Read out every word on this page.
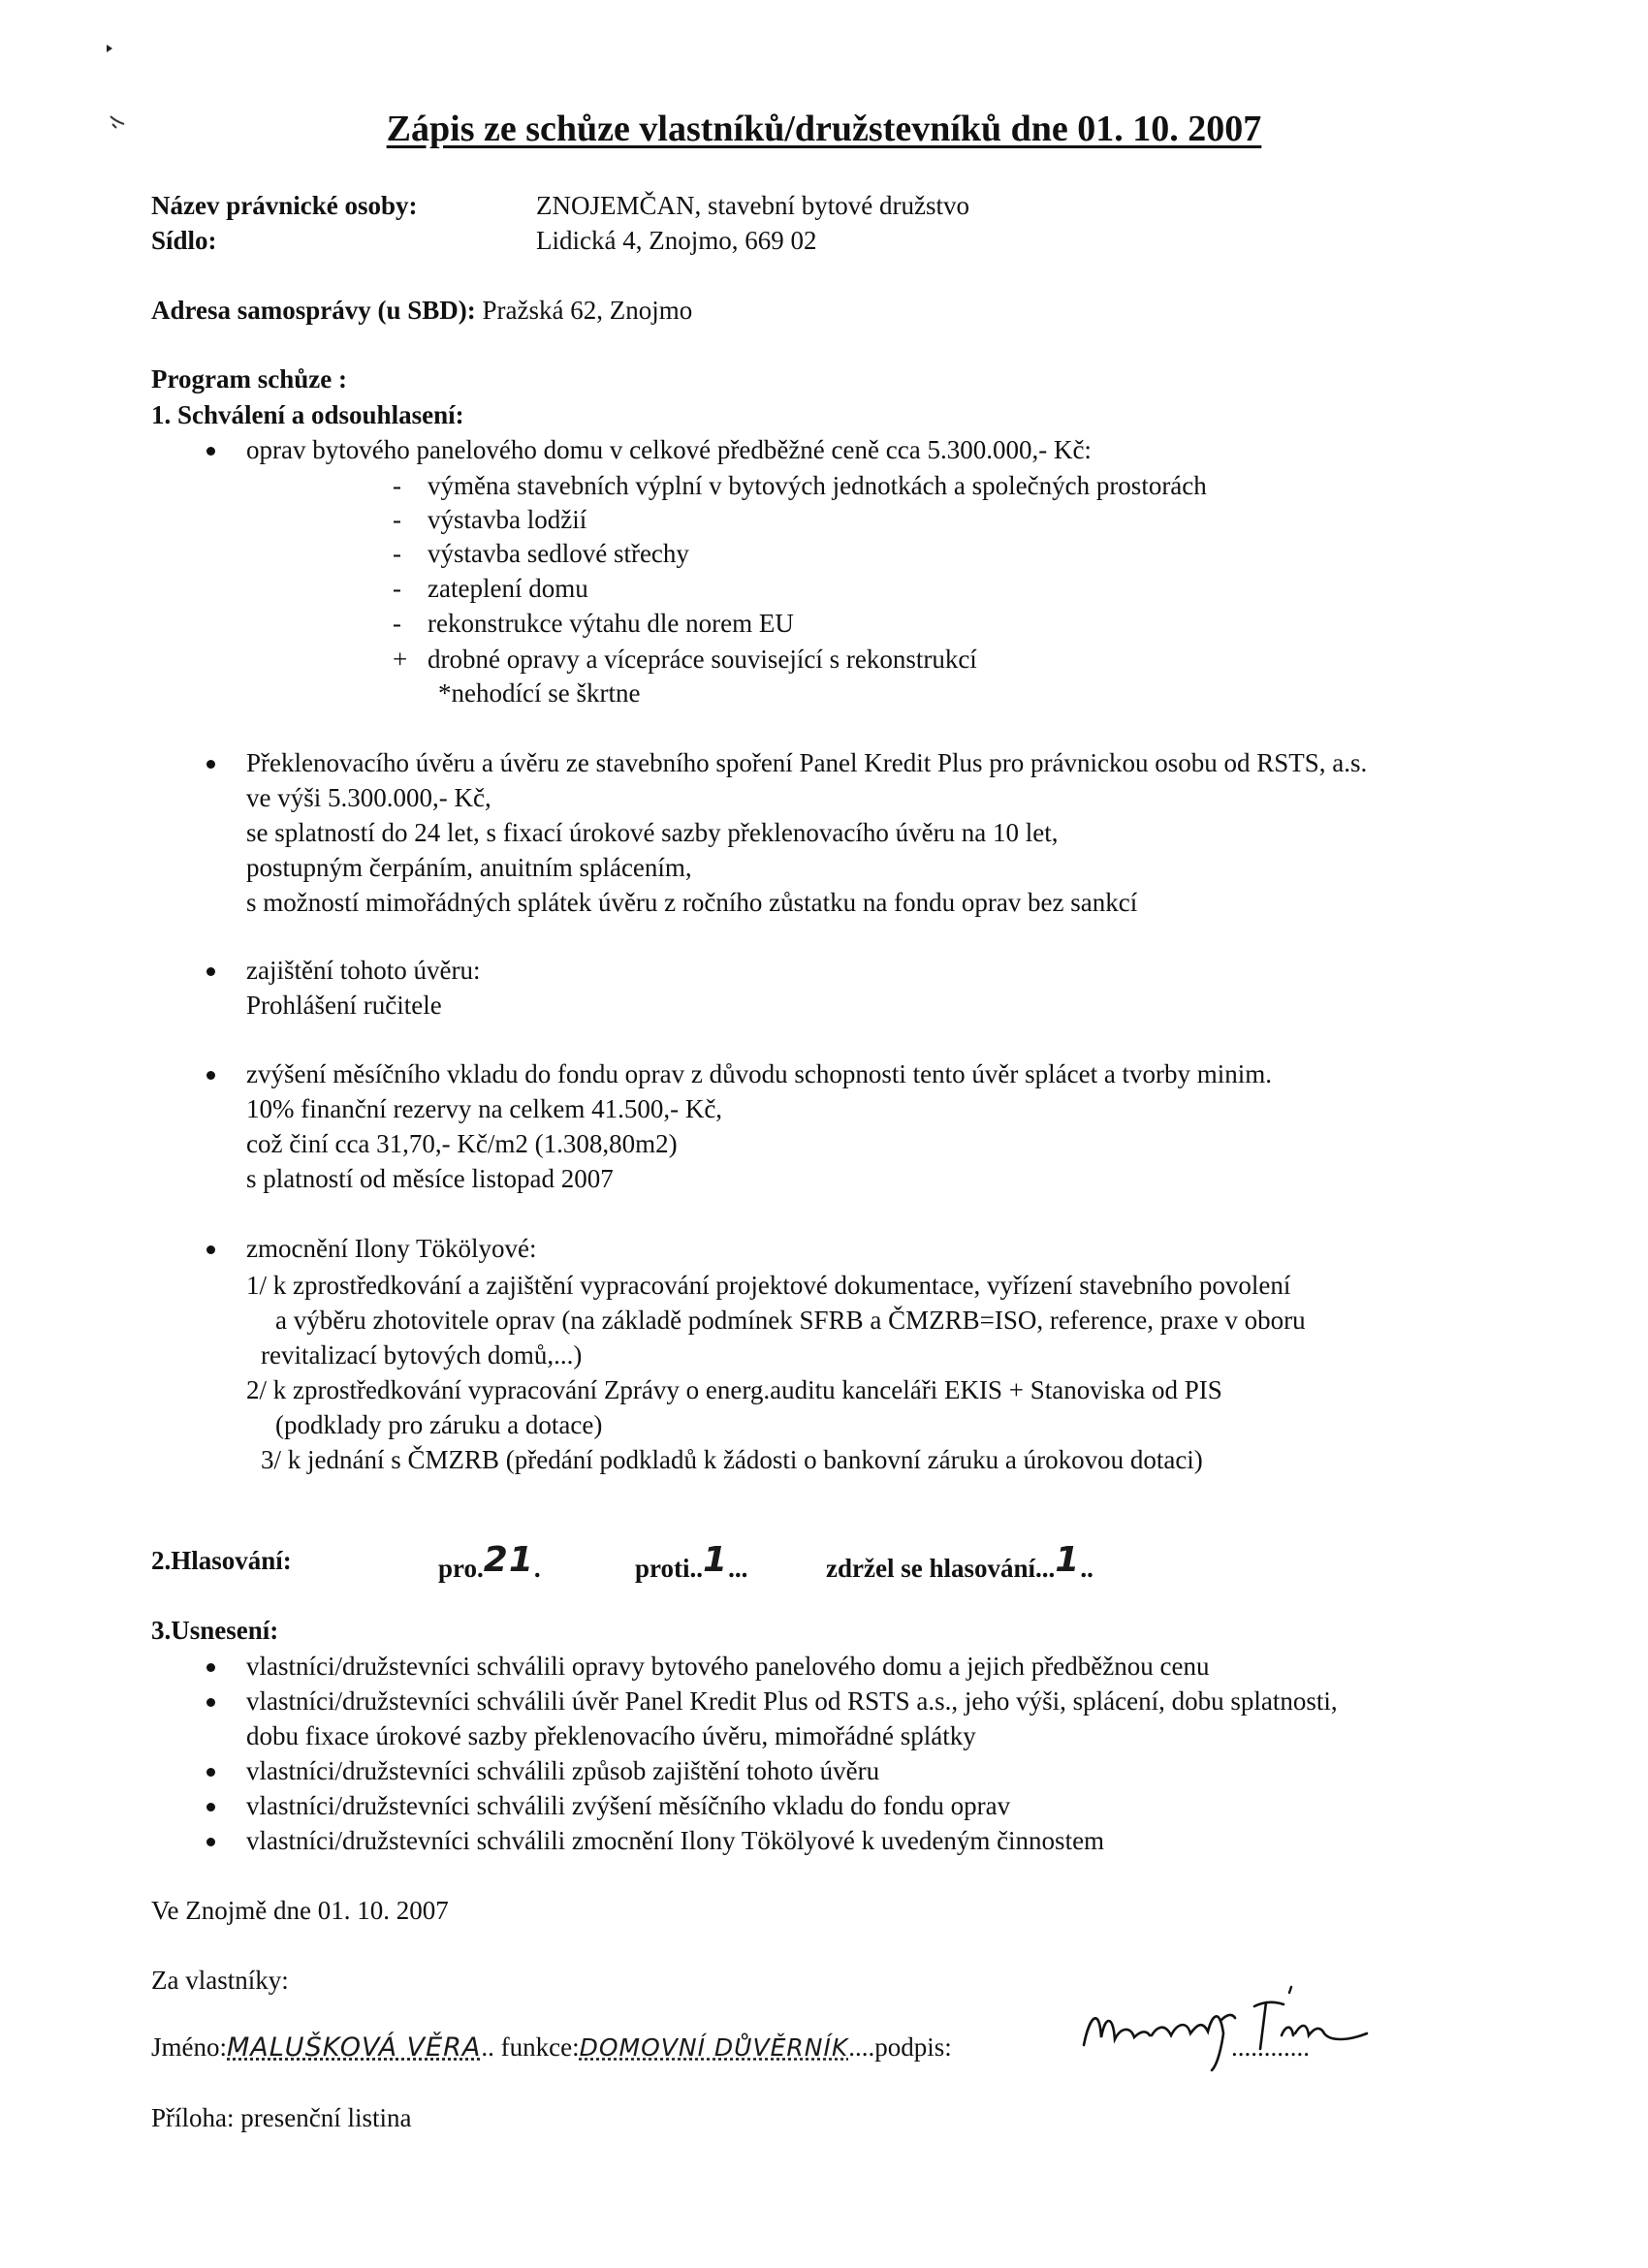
Zápis ze schůze vlastníků/družstevníků dne 01. 10. 2007
Název právnické osoby:	ZNOJEMČAN, stavební bytové družstvo
Sídlo:	Lidická 4, Znojmo, 669 02
Adresa samosprávy (u SBD): Pražská 62, Znojmo
Program schůze :
1. Schválení a odsouhlasení:
oprav bytového panelového domu v celkové předběžné ceně cca 5.300.000,- Kč:
- výměna stavebních výplní v bytových jednotkách a společných prostorách
- výstavba lodžií
- výstavba sedlové střechy
- zateplení domu
- rekonstrukce výtahu dle norem EU
+ drobné opravy a vícepráce související s rekonstrukcí
*nehodící se škrtne
Překlenovacího úvěru a úvěru ze stavebního spoření Panel Kredit Plus pro právnickou osobu od RSTS, a.s.
ve výši 5.300.000,- Kč,
se splatností do 24 let, s fixací úrokové sazby překlenovacího úvěru na 10 let,
postupným čerpáním, anuitním splácením,
s možností mimořádných splátek úvěru z ročního zůstatku na fondu oprav bez sankcí
zajištění tohoto úvěru:
Prohlášení ručitele
zvýšení měsíčního vkladu do fondu oprav z důvodu schopnosti tento úvěr splácet a tvorby minim.
10% finanční rezervy na celkem 41.500,- Kč,
což činí cca 31,70,- Kč/m2 (1.308,80m2)
s platností od měsíce listopad 2007
zmocnění Ilony Tökölyové:
1/ k zprostředkování a zajištění vypracování projektové dokumentace, vyřízení stavebního povolení
a výběru zhotovitele oprav (na základě podmínek SFRB a ČMZRB=ISO, reference, praxe v oboru
revitalizací bytových domů,...)
2/ k zprostředkování vypracování Zprávy o energ.auditu kanceláři EKIS + Stanoviska od PIS
(podklady pro záruku a dotace)
3/ k jednání s ČMZRB (předání podkladů k žádosti o bankovní záruku a úrokovou dotaci)
2.Hlasování:	pro.21.	proti..1...	zdržel se hlasování...1..
3.Usnesení:
vlastníci/družstevníci schválili opravy bytového panelového domu a jejich předběžnou cenu
vlastníci/družstevníci schválili úvěr Panel Kredit Plus od RSTS a.s., jeho výši, splácení, dobu splatnosti,
dobu fixace úrokové sazby překlenovacího úvěru, mimořádné splátky
vlastníci/družstevníci schválili způsob zajištění tohoto úvěru
vlastníci/družstevníci schválili zvýšení měsíčního vkladu do fondu oprav
vlastníci/družstevníci schválili zmocnění Ilony Tökölyové k uvedeným činnostem
Ve Znojmě dne 01. 10. 2007
Za vlastníky:
Jméno:MALUŠKOVÁ VĚRA.. funkce:DOMOVNÍ DŮVĚRNÍK....podpis:	............
Příloha: presenční listina
